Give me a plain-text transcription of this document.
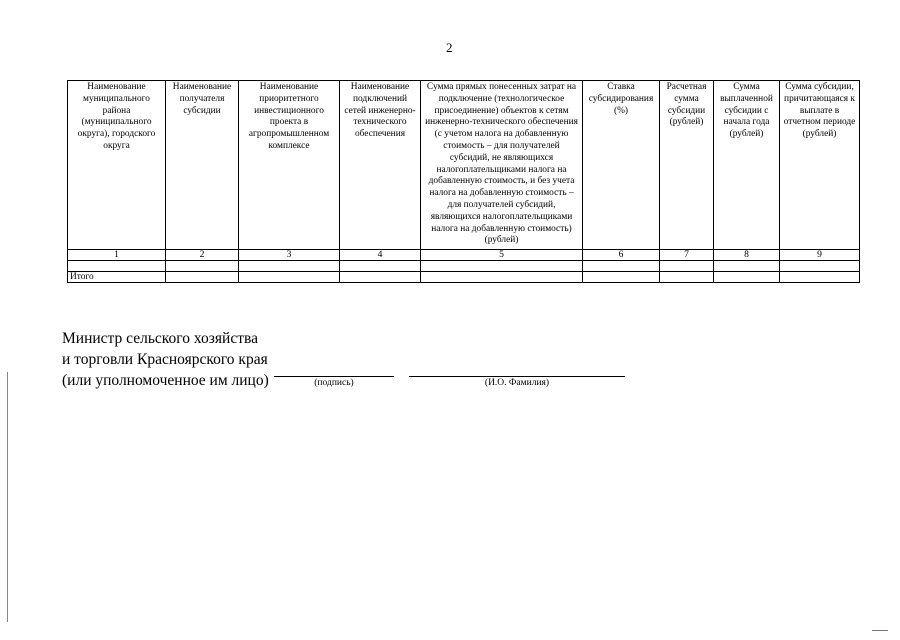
2
Наименование муниципального района (муниципального округа), городского округа	Наименование получателя субсидии	Наименование приоритетного инвестиционного проекта в агропромышленном комплексе	Наименование подключений сетей инженерно-технического обеспечения	Сумма прямых понесенных затрат на подключение (технологическое присоединение) объектов к сетям инженерно-технического обеспечения (с учетом налога на добавленную стоимость – для получателей субсидий, не являющихся налогоплательщиками налога на добавленную стоимость, и без учета налога на добавленную стоимость – для получателей субсидий, являющихся налогоплательщиками налога на добавленную стоимость) (рублей)	Ставка субсидирования (%)	Расчетная сумма субсидии (рублей)	Сумма выплаченной субсидии с начала года (рублей)	Сумма субсидии, причитающаяся к выплате в отчетном периоде (рублей)
1	2	3	4	5	6	7	8	9

Итого								
Министр сельского хозяйства
и торговли Красноярского края
(или уполномоченное им лицо)	(подпись)	(И.О. Фамилия)
